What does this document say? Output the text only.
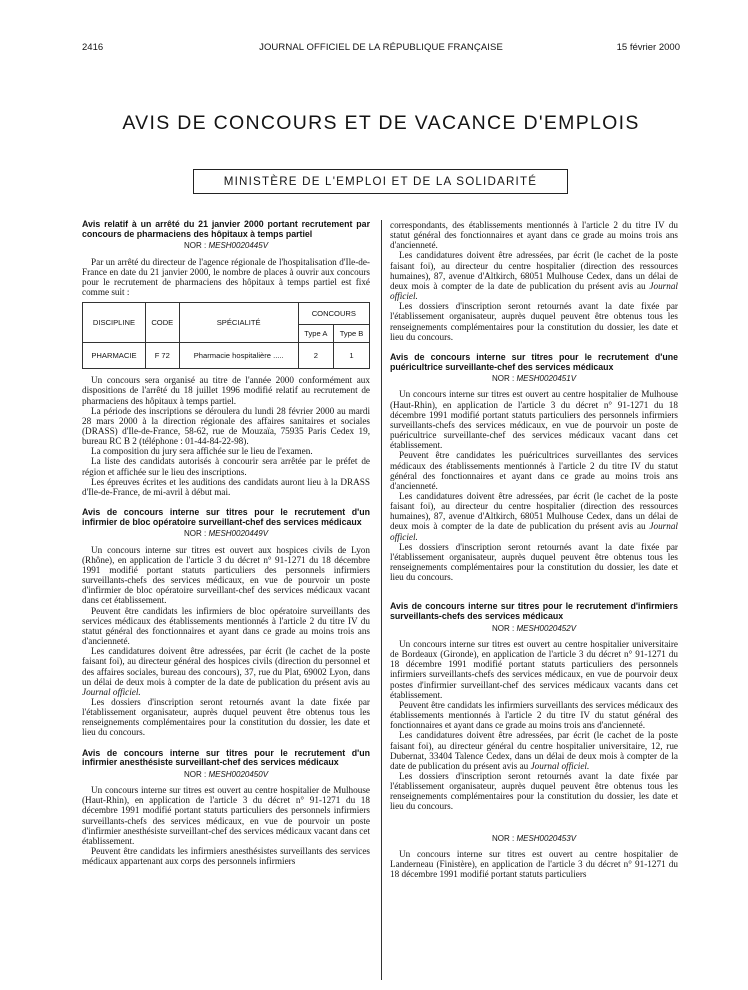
2416	JOURNAL OFFICIEL DE LA RÉPUBLIQUE FRANÇAISE	15 février 2000
AVIS DE CONCOURS ET DE VACANCE D'EMPLOIS
MINISTÈRE DE L'EMPLOI ET DE LA SOLIDARITÉ
Avis relatif à un arrêté du 21 janvier 2000 portant recrutement par concours de pharmaciens des hôpitaux à temps partiel
NOR : MESH0020445V

Par un arrêté du directeur de l'agence régionale de l'hospitalisation d'Ile-de-France en date du 21 janvier 2000, le nombre de places à ouvrir aux concours pour le recrutement de pharmaciens des hôpitaux à temps partiel est fixé comme suit :

DISCIPLINE	CODE	SPÉCIALITÉ	CONCOURS	
			Type A	Type B
PHARMACIE	F 72	Pharmacie hospitalière .....	2	1

Un concours sera organisé au titre de l'année 2000 conformément aux dispositions de l'arrêté du 18 juillet 1996 modifié relatif au recrutement de pharmaciens des hôpitaux à temps partiel.

La période des inscriptions se déroulera du lundi 28 février 2000 au mardi 28 mars 2000 à la direction régionale des affaires sanitaires et sociales (DRASS) d'Ile-de-France, 58-62, rue de Mouzaïa, 75935 Paris Cedex 19, bureau RC B 2 (téléphone : 01-44-84-22-98).

La composition du jury sera affichée sur le lieu de l'examen.

La liste des candidats autorisés à concourir sera arrêtée par le préfet de région et affichée sur le lieu des inscriptions.

Les épreuves écrites et les auditions des candidats auront lieu à la DRASS d'Ile-de-France, de mi-avril à début mai.

Avis de concours interne sur titres pour le recrutement d'un infirmier de bloc opératoire surveillant-chef des services médicaux
NOR : MESH0020449V

Un concours interne sur titres est ouvert aux hospices civils de Lyon (Rhône), en application de l'article 3 du décret n° 91-1271 du 18 décembre 1991 modifié portant statuts particuliers des personnels infirmiers surveillants-chefs des services médicaux, en vue de pourvoir un poste d'infirmier de bloc opératoire surveillant-chef des services médicaux vacant dans cet établissement.

Peuvent être candidats les infirmiers de bloc opératoire surveillants des services médicaux des établissements mentionnés à l'article 2 du titre IV du statut général des fonctionnaires et ayant dans ce grade au moins trois ans d'ancienneté.

Les candidatures doivent être adressées, par écrit (le cachet de la poste faisant foi), au directeur général des hospices civils (direction du personnel et des affaires sociales, bureau des concours), 37, rue du Plat, 69002 Lyon, dans un délai de deux mois à compter de la date de publication du présent avis au Journal officiel.

Les dossiers d'inscription seront retournés avant la date fixée par l'établissement organisateur, auprès duquel peuvent être obtenus tous les renseignements complémentaires pour la constitution du dossier, les date et lieu du concours.

Avis de concours interne sur titres pour le recrutement d'un infirmier anesthésiste surveillant-chef des services médicaux
NOR : MESH0020450V

Un concours interne sur titres est ouvert au centre hospitalier de Mulhouse (Haut-Rhin), en application de l'article 3 du décret n° 91-1271 du 18 décembre 1991 modifié portant statuts particuliers des personnels infirmiers surveillants-chefs des services médicaux, en vue de pourvoir un poste d'infirmier anesthésiste surveillant-chef des services médicaux vacant dans cet établissement.

Peuvent être candidats les infirmiers anesthésistes surveillants des services médicaux appartenant aux corps des personnels infirmiers

correspondants, des établissements mentionnés à l'article 2 du titre IV du statut général des fonctionnaires et ayant dans ce grade au moins trois ans d'ancienneté.

Les candidatures doivent être adressées, par écrit (le cachet de la poste faisant foi), au directeur du centre hospitalier (direction des ressources humaines), 87, avenue d'Altkirch, 68051 Mulhouse Cedex, dans un délai de deux mois à compter de la date de publication du présent avis au Journal officiel.

Les dossiers d'inscription seront retournés avant la date fixée par l'établissement organisateur, auprès duquel peuvent être obtenus tous les renseignements complémentaires pour la constitution du dossier, les date et lieu du concours.

Avis de concours interne sur titres pour le recrutement d'une puéricultrice surveillante-chef des services médicaux
NOR : MESH0020451V

Un concours interne sur titres est ouvert au centre hospitalier de Mulhouse (Haut-Rhin), en application de l'article 3 du décret n° 91-1271 du 18 décembre 1991 modifié portant statuts particuliers des personnels infirmiers surveillants-chefs des services médicaux, en vue de pourvoir un poste de puéricultrice surveillante-chef des services médicaux vacant dans cet établissement.

Peuvent être candidates les puéricultrices surveillantes des services médicaux des établissements mentionnés à l'article 2 du titre IV du statut général des fonctionnaires et ayant dans ce grade au moins trois ans d'ancienneté.

Les candidatures doivent être adressées, par écrit (le cachet de la poste faisant foi), au directeur du centre hospitalier (direction des ressources humaines), 87, avenue d'Altkirch, 68051 Mulhouse Cedex, dans un délai de deux mois à compter de la date de publication du présent avis au Journal officiel.

Les dossiers d'inscription seront retournés avant la date fixée par l'établissement organisateur, auprès duquel peuvent être obtenus tous les renseignements complémentaires pour la constitution du dossier, les date et lieu du concours.

Avis de concours interne sur titres pour le recrutement d'infirmiers surveillants-chefs des services médicaux
NOR : MESH0020452V

Un concours interne sur titres est ouvert au centre hospitalier universitaire de Bordeaux (Gironde), en application de l'article 3 du décret n° 91-1271 du 18 décembre 1991 modifié portant statuts particuliers des personnels infirmiers surveillants-chefs des services médicaux, en vue de pourvoir deux postes d'infirmier surveillant-chef des services médicaux vacants dans cet établissement.

Peuvent être candidats les infirmiers surveillants des services médicaux des établissements mentionnés à l'article 2 du titre IV du statut général des fonctionnaires et ayant dans ce grade au moins trois ans d'ancienneté.

Les candidatures doivent être adressées, par écrit (le cachet de la poste faisant foi), au directeur général du centre hospitalier universitaire, 12, rue Dubernat, 33404 Talence Cedex, dans un délai de deux mois à compter de la date de publication du présent avis au Journal officiel.

Les dossiers d'inscription seront retournés avant la date fixée par l'établissement organisateur, auprès duquel peuvent être obtenus tous les renseignements complémentaires pour la constitution du dossier, les date et lieu du concours.

NOR : MESH0020453V

Un concours interne sur titres est ouvert au centre hospitalier de Landerneau (Finistère), en application de l'article 3 du décret n° 91-1271 du 18 décembre 1991 modifié portant statuts particuliers
